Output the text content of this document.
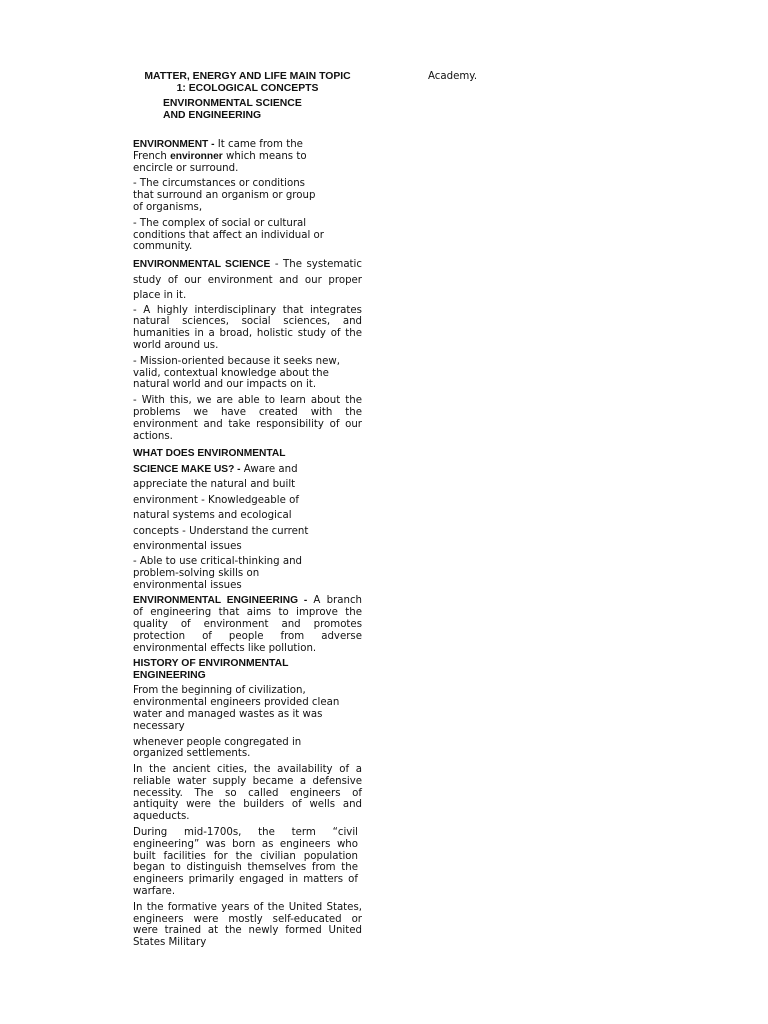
MATTER, ENERGY AND LIFE MAIN TOPIC

1: ECOLOGICAL CONCEPTS

ENVIRONMENTAL SCIENCE

AND ENGINEERING

ENVIRONMENT - It came from the French environner which means to encircle or surround.

- The circumstances or conditions that surround an organism or group of organisms,

- The complex of social or cultural conditions that affect an individual or community.

ENVIRONMENTAL SCIENCE - The systematic study of our environment and our proper place in it.

- A highly interdisciplinary that integrates natural sciences, social sciences, and humanities in a broad, holistic study of the world around us.

- Mission-oriented because it seeks new, valid, contextual knowledge about the natural world and our impacts on it.

- With this, we are able to learn about the problems we have created with the environment and take responsibility of our actions.

WHAT DOES ENVIRONMENTAL SCIENCE MAKE US? - Aware and appreciate the natural and built environment - Knowledgeable of natural systems and ecological concepts - Understand the current environmental issues

- Able to use critical-thinking and problem-solving skills on environmental issues

ENVIRONMENTAL ENGINEERING - A branch of engineering that aims to improve the quality of environment and promotes protection of people from adverse environmental effects like pollution.

HISTORY OF ENVIRONMENTAL ENGINEERING

From the beginning of civilization, environmental engineers provided clean water and managed wastes as it was necessary

whenever people congregated in organized settlements.

In the ancient cities, the availability of a reliable water supply became a defensive necessity. The so called engineers of antiquity were the builders of wells and aqueducts.

During mid-1700s, the term “civil engineering” was born as engineers who built facilities for the civilian population began to distinguish themselves from the engineers primarily engaged in matters of warfare.

In the formative years of the United States, engineers were mostly self-educated or were trained at the newly formed United States Military

Academy.
